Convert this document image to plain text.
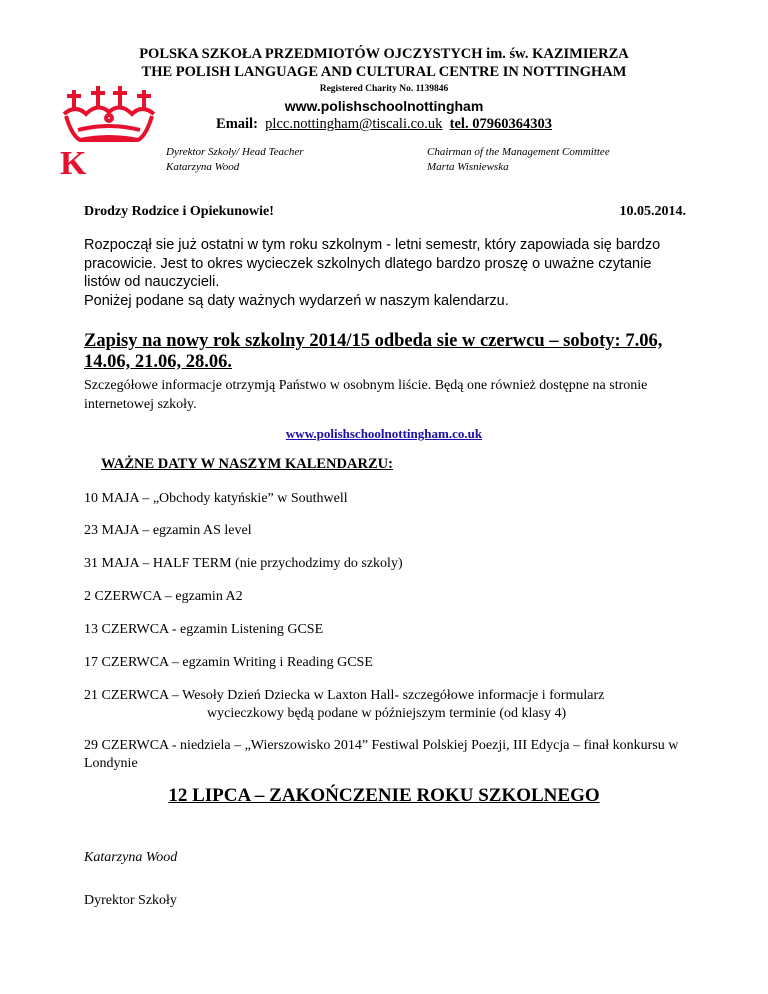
POLSKA SZKOŁA PRZEDMIOTÓW OJCZYSTYCH im. św. KAZIMIERZA
THE POLISH LANGUAGE AND CULTURAL CENTRE IN NOTTINGHAM
Registered Charity No. 1139846
www.polishschoolnottingham
Email: plcc.nottingham@tiscali.co.uk tel. 07960364303
K	Dyrektor Szkoły/ Head Teacher
Katarzyna Wood
Chairman of the Management Committee
Marta Wisniewska
Drodzy Rodzice i Opiekunowie!	10.05.2014.

Rozpoczął sie już ostatni w tym roku szkolnym - letni semestr, który zapowiada się bardzo pracowicie. Jest to okres wycieczek szkolnych dlatego bardzo proszę o uważne czytanie listów od nauczycieli.

Poniżej podane są daty ważnych wydarzeń w naszym kalendarzu.

Zapisy na nowy rok szkolny 2014/15 odbeda sie w czerwcu – soboty: 7.06, 14.06, 21.06, 28.06.
Szczegółowe informacje otrzymją Państwo w osobnym liście. Będą one również dostępne na stronie internetowej szkoły.
www.polishschoolnottingham.co.uk
WAŻNE DATY W NASZYM KALENDARZU:
10 MAJA – „Obchody katyńskie” w Southwell
23 MAJA – egzamin AS level
31 MAJA – HALF TERM (nie przychodzimy do szkoly)
2 CZERWCA – egzamin A2
13 CZERWCA - egzamin Listening GCSE
17 CZERWCA – egzamin Writing i Reading GCSE
21 CZERWCA – Wesoły Dzień Dziecka w Laxton Hall- szczegółowe informacje i formularz
wycieczkowy będą podane w późniejszym terminie (od klasy 4)
29 CZERWCA - niedziela – „Wierszowisko 2014” Festiwal Polskiej Poezji, III Edycja – finał konkursu w Londynie
12 LIPCA – ZAKOŃCZENIE ROKU SZKOLNEGO
Katarzyna Wood
Dyrektor Szkoły
